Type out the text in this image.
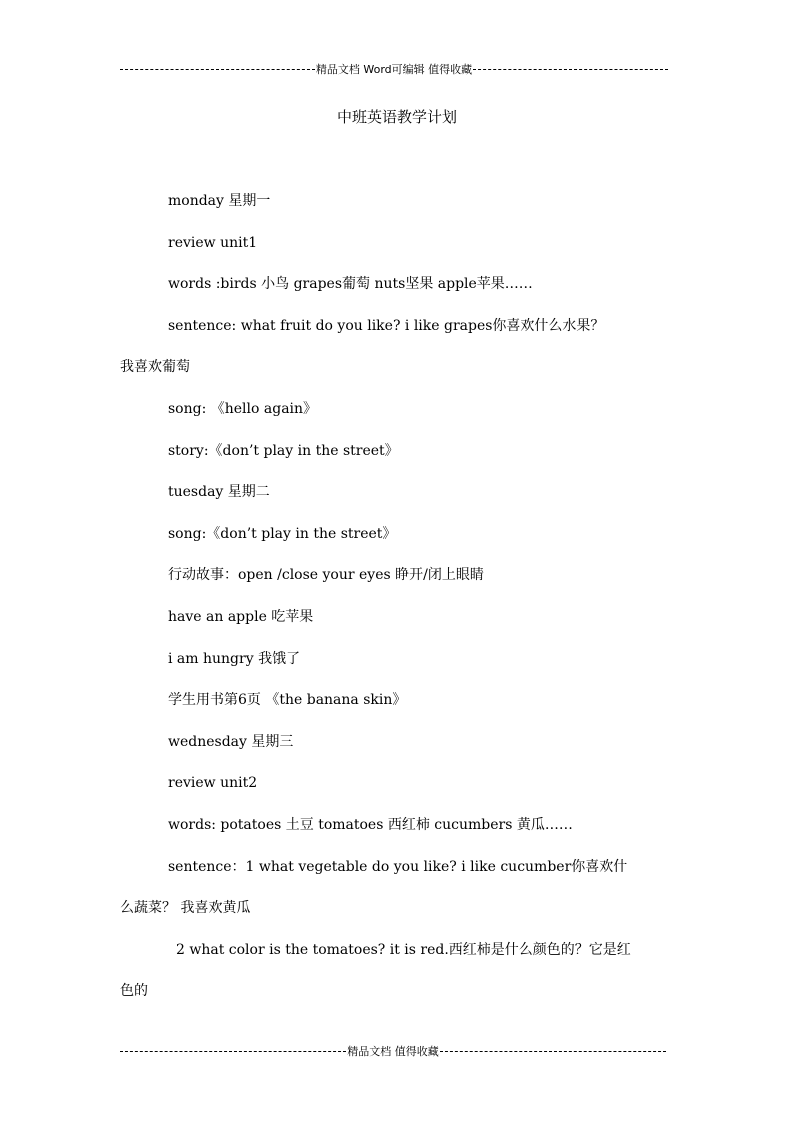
精品文档 Word可编辑 值得收藏
中班英语教学计划
monday 星期一
review unit1
words :birds 小鸟 grapes葡萄 nuts坚果 apple苹果……
sentence: what fruit do you like? i like grapes你喜欢什么水果？
我喜欢葡萄
song: 《hello again》
story:《don’t play in the street》
tuesday 星期二
song:《don’t play in the street》
行动故事：open /close your eyes 睁开/闭上眼睛
have an apple 吃苹果
i am hungry 我饿了
学生用书第6页 《the banana skin》
wednesday 星期三
review unit2
words: potatoes 土豆 tomatoes 西红柿 cucumbers 黄瓜……
sentence：1 what vegetable do you like? i like cucumber你喜欢什
么蔬菜？ 我喜欢黄瓜
2 what color is the tomatoes? it is red.西红柿是什么颜色的？它是红
色的
精品文档 值得收藏
